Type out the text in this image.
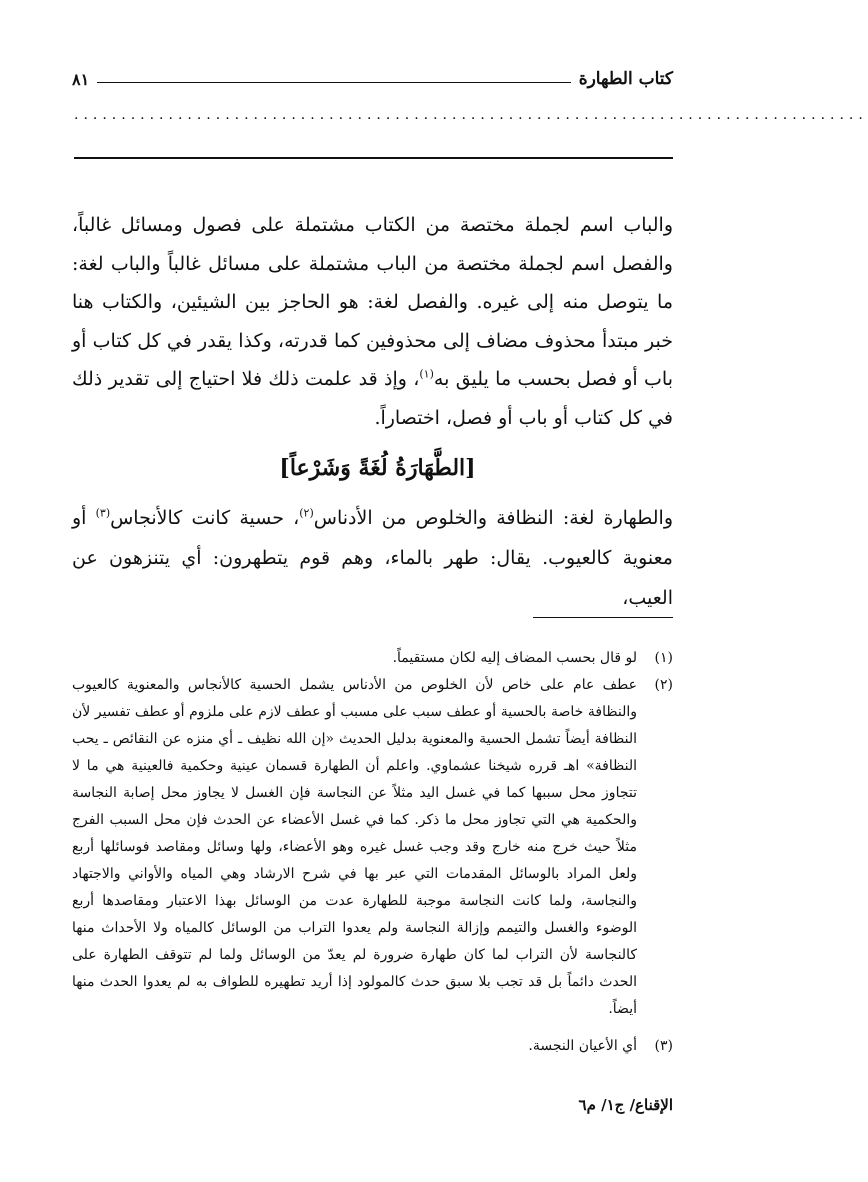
كتاب الطهارة
٨١
....................................................................................
والباب اسم لجملة مختصة من الكتاب مشتملة على فصول ومسائل غالباً، والفصل اسم لجملة مختصة من الباب مشتملة على مسائل غالباً والباب لغة: ما يتوصل منه إلى غيره. والفصل لغة: هو الحاجز بين الشيئين، والكتاب هنا خبر مبتدأ محذوف مضاف إلى محذوفين كما قدرته، وكذا يقدر في كل كتاب أو باب أو فصل بحسب ما يليق به$^{(١)}$، وإذ قد علمت ذلك فلا احتياج إلى تقدير ذلك في كل كتاب أو باب أو فصل، اختصاراً.
[الطَّهَارَةُ لُغَةً وَشَرْعاً]
والطهارة لغة: النظافة والخلوص من الأدناس$^{(٢)}$، حسية كانت كالأنجاس$^{(٣)}$ أو معنوية كالعيوب. يقال: طهر بالماء، وهم قوم يتطهرون: أي يتنزهون عن العيب،
(١)
لو قال بحسب المضاف إليه لكان مستقيماً.
(٢)
عطف عام على خاص لأن الخلوص من الأدناس يشمل الحسية كالأنجاس والمعنوية كالعيوب والنظافة خاصة بالحسية أو عطف سبب على مسبب أو عطف لازم على ملزوم أو عطف تفسير لأن النظافة أيضاً تشمل الحسية والمعنوية بدليل الحديث «إن الله نظيف ـ أي منزه عن النقائص ـ يحب النظافة» اهـ قرره شيخنا عشماوي. واعلم أن الطهارة قسمان عينية وحكمية فالعينية هي ما لا تتجاوز محل سببها كما في غسل اليد مثلاً عن النجاسة فإن الغسل لا يجاوز محل إصابة النجاسة والحكمية هي التي تجاوز محل ما ذكر. كما في غسل الأعضاء عن الحدث فإن محل السبب الفرج مثلاً حيث خرج منه خارج وقد وجب غسل غيره وهو الأعضاء، ولها وسائل ومقاصد فوسائلها أربع ولعل المراد بالوسائل المقدمات التي عبر بها في شرح الارشاد وهي المياه والأواني والاجتهاد والنجاسة، ولما كانت النجاسة موجبة للطهارة عدت من الوسائل بهذا الاعتبار ومقاصدها أربع الوضوء والغسل والتيمم وإزالة النجاسة ولم يعدوا التراب من الوسائل كالمياه ولا الأحداث منها كالنجاسة لأن التراب لما كان طهارة ضرورة لم يعدّ من الوسائل ولما لم تتوقف الطهارة على الحدث دائماً بل قد تجب بلا سبق حدث كالمولود إذا أريد تطهيره للطواف به لم يعدوا الحدث منها أيضاً.
(٣)
أي الأعيان النجسة.
الإقناع/ ج١/ م٦
